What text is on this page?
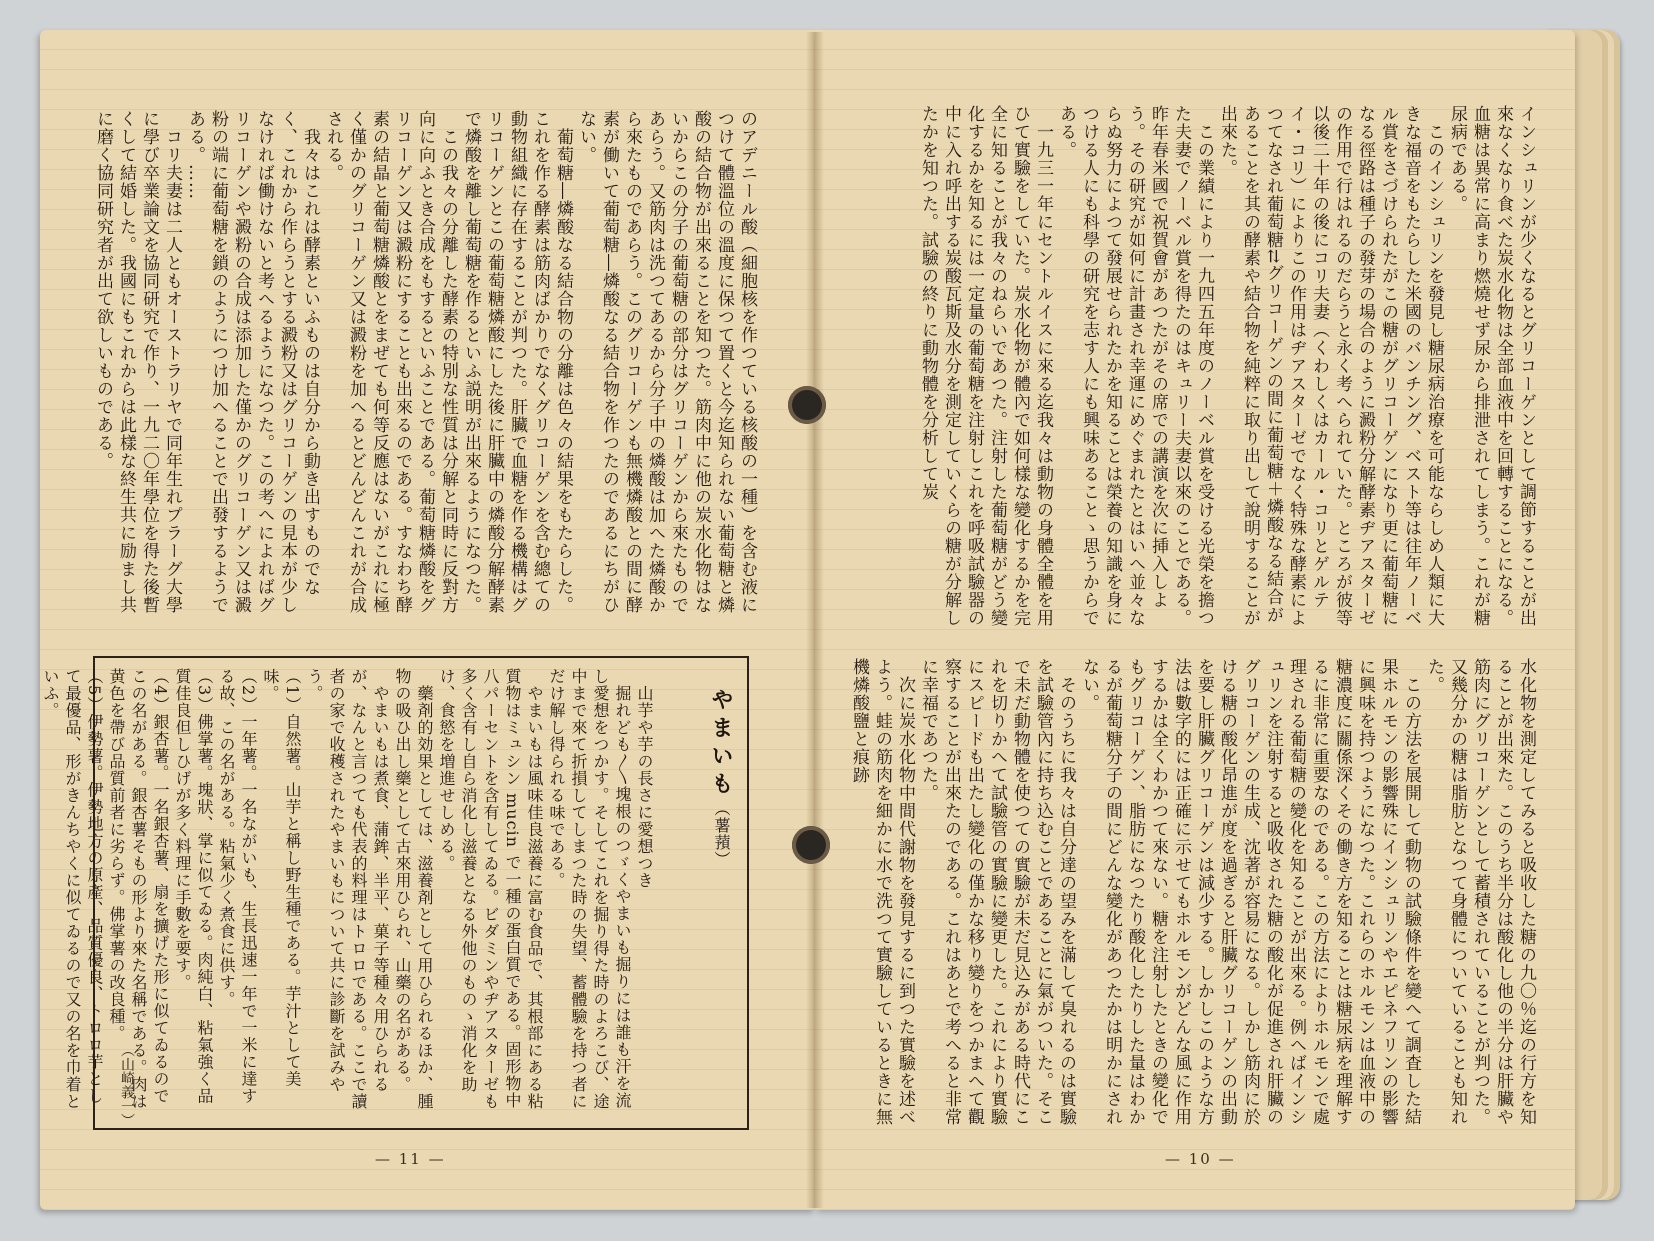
のアデニール酸（細胞核を作つている核酸の一種）を含む液につけて體溫位の溫度に保つて置くと今迄知られない葡萄糖と燐酸の結合物が出來ることを知つた。筋肉中に他の炭水化物はないからこの分子の葡萄糖の部分はグリコーゲンから來たものであらう。又筋肉は洗つてあるから分子中の燐酸は加へた燐酸から來たものであらう。このグリコーゲンも無機燐酸との間に酵素が働いて葡萄糖―燐酸なる結合物を作つたのであるにちがひない。
　葡萄糖―燐酸なる結合物の分離は色々の結果をもたらした。これを作る酵素は筋肉ばかりでなくグリコーゲンを含む總ての動物組織に存在することが判つた。肝臟で血糖を作る機構はグリコーゲンとこの葡萄糖燐酸にした後に肝臟中の燐酸分解酵素で燐酸を離し葡萄糖を作るといふ説明が出來るようになつた。
　この我々の分離した酵素の特別な性質は分解と同時に反對方向に向ふとき合成をもするといふことである。葡萄糖燐酸をグリコーゲン又は澱粉にすることも出來るのである。すなわち酵素の結晶と葡萄糖燐酸とをまぜても何等反應はないがこれに極く僅かのグリコーゲン又は澱粉を加へるとどんどんこれが合成される。
　我々はこれは酵素といふものは自分から動き出すものでなく、これから作らうとする澱粉又はグリコーゲンの見本が少しなければ働けないと考へるようになつた。この考へによればグリコーゲンや澱粉の合成は添加した僅かのグリコーゲン又は澱粉の端に葡萄糖を鎖のようにつけ加へることで出發するようである。……
　コリ夫妻は二人ともオーストラリヤで同年生れプラーグ大學に學び卒業論文を協同研究で作り、一九二〇年學位を得た後暫くして結婚した。我國にもこれからは此樣な終生共に励まし共に磨く協同研究者が出て欲しいものである。
やまいも（薯蕷）
　山芋や芋の長さに愛想つき
　掘れども〳〵塊根のつゞくやまいも掘りには誰も汗を流し愛想をつかす。そしてこれを掘り得た時のよろこび、途中まで來て折損してしまつた時の失望、蓄體驗を持つ者にだけ解し得られる味である。
　やまいもは風味佳良滋養に富む食品で、其根部にある粘質物はミュシン mucin で一種の蛋白質である。固形物中八パーセントを含有してゐる。ビダミンやヂアスターゼも多く含有し自ら消化し滋養となる外他のものゝ消化を助け、食慾を増進せしめる。
　藥剤的効果としては、滋養剤として用ひられるほか、腫物の吸ひ出し藥として古來用ひられ、山藥の名がある。
　やまいもは煮食、蒲鉾、半平、菓子等種々用ひられるが、なんと言つても代表的料理はトロロである。ここで讀者の家で收穫されたやまいもについて共に診斷を試みやう。
（1）自然薯。山芋と稱し野生種である。芋汁として美味。
（2）一年薯。一名ながいも、生長迅速一年で一米に達する故、この名がある。粘氣少く煮食に供す。
（3）佛掌薯。塊狀、掌に似てゐる。肉純白、粘氣強く品質佳良但しひげが多く料理に手數を要す。
（4）銀杏薯。一名銀杏薯、扇を擴げた形に似てゐるのでこの名がある。銀杏薯そもの形より來た名稱である。肉は黄色を帶び品質前者に劣らず。佛掌薯の改良種。
（5）伊勢薯。伊勢地方の原產、品質優良、トロロ芋として最優品、形がきんちやくに似てゐるので又の名を巾着といふ。
（山崎義一）
— 11 —
インシュリンが少くなるとグリコーゲンとして調節することが出來なくなり食べた炭水化物は全部血液中を回轉することになる。血糖は異常に高まり燃燒せず尿から排泄されてしまう。これが糖尿病である。
　このインシュリンを發見し糖尿病治療を可能ならしめ人類に大きな福音をもたらした米國のバンチング、ベスト等は往年ノーベル賞をさづけられたがこの糖がグリコーゲンになり更に葡萄糖になる徑路は種子の發芽の場合のように澱粉分解酵素ヂアスターゼの作用で行はれるのだらうと永く考へられていた。ところが彼等以後二十年の後にコリ夫妻（くわしくはカール・コリとゲルテイ・コリ）によりこの作用はヂアスターゼでなく特殊な酵素によつてなされ葡萄糖⇄グリコーゲンの間に葡萄糖＋燐酸なる結合があることを其の酵素や結合物を純粹に取り出して說明することが出來た。
　この業績により一九四五年度のノーベル賞を受ける光榮を擔つた夫妻でノーベル賞を得たのはキュリー夫妻以來のことである。昨年春米國で祝賀會があつたがその席での講演を次に挿入しよう。その研究が如何に計畫され幸運にめぐまれたとはいへ並々ならぬ努力によつて發展せられたかを知ることは榮養の知識を身につける人にも科學の研究を志す人にも興味あることゝ思うからである。
　一九三一年にセントルイスに來る迄我々は動物の身體全體を用ひて實驗をしていた。炭水化物が體內で如何樣な變化するかを完全に知ることが我々のねらいであつた。注射した葡萄糖がどう變化するかを知るには一定量の葡萄糖を注射しこれを呼吸試驗器の中に入れ呼出する炭酸瓦斯及水分を測定していくらの糖が分解したかを知つた。試驗の終りに動物體を分析して炭
水化物を測定してみると吸收した糖の九〇％迄の行方を知ることが出來た。このうち半分は酸化し他の半分は肝臟や筋肉にグリコーゲンとして蓄積されていることが判つた。又幾分かの糖は脂肪となつて身體についていることも知れた。
　この方法を展開して動物の試驗條件を變へて調査した結果ホルモンの影響殊にインシュリンやエピネフリンの影響に興味を持つようになつた。これらのホルモンは血液中の糖濃度に關係深くその働き方を知ることは糖尿病を理解するに非常に重要なのである。この方法によりホルモンで處理される葡萄糖の變化を知ることが出來る。例へばインシュリンを注射すると吸收された糖の酸化が促進され肝臟のグリコーゲンの生成、沈著が容易になる。しかし筋肉に於ける糖の酸化昂進が度を過ぎると肝臟グリコーゲンの出動を要し肝臟グリコーゲンは減少する。しかしこのような方法は數字的には正確に示せてもホルモンがどんな風に作用するかは全くわかつて來ない。糖を注射したときの變化でもグリコーゲン、脂肪になつたり酸化したりした量はわかるが葡萄糖分子の間にどんな變化があつたかは明かにされない。
　そのうちに我々は自分達の望みを滿して臭れるのは實驗を試驗管內に持ち込むことであることに氣がついた。そこで未だ動物體を使つての實驗が未だ見込みがある時代にこれを切りかへて試驗管の實驗に變更した。これにより實驗にスピードも出たし變化の僅かな移り變りをつかまへて觀察することが出來たのである。これはあとで考へると非常に幸福であつた。
　次に炭水化物中間代謝物を發見するに到つた實驗を述べよう。蛙の筋肉を細かに水で洗つて實驗しているときに無機燐酸鹽と痕跡
— 10 —
